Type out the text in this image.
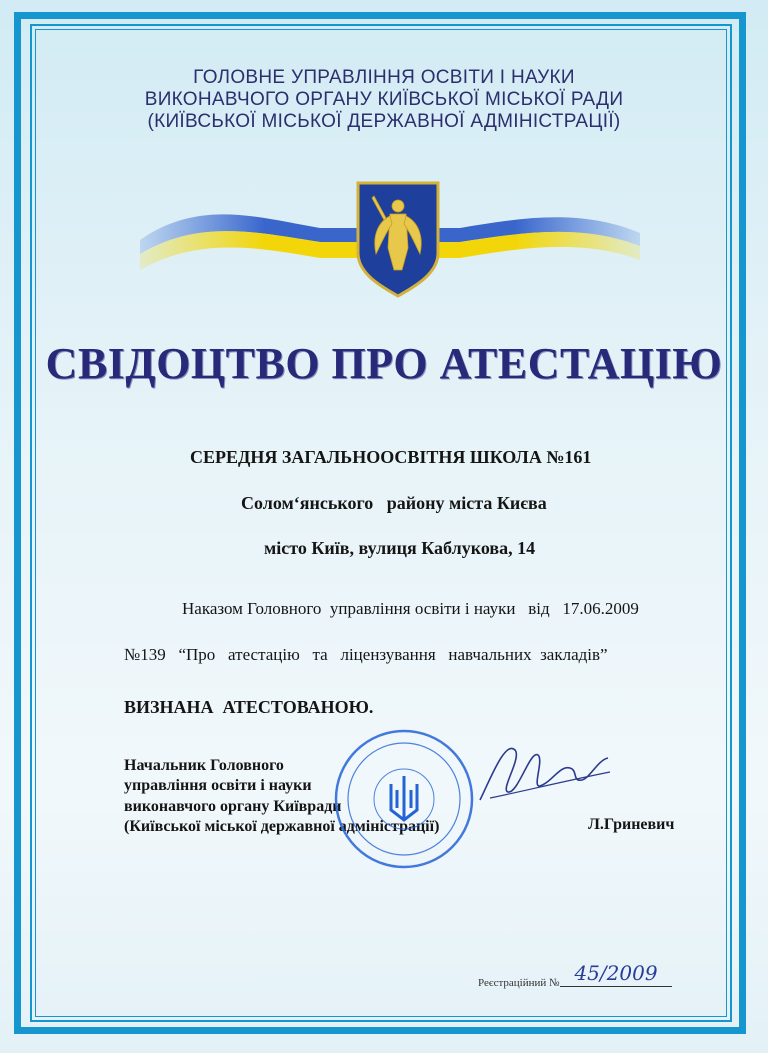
ГОЛОВНЕ УПРАВЛІННЯ ОСВІТИ І НАУКИ
ВИКОНАВЧОГО ОРГАНУ КИЇВСЬКОЇ МІСЬКОЇ РАДИ
(КИЇВСЬКОЇ МІСЬКОЇ ДЕРЖАВНОЇ АДМІНІСТРАЦІЇ)
СВІДОЦТВО ПРО АТЕСТАЦІЮ
СЕРЕДНЯ ЗАГАЛЬНООСВІТНЯ ШКОЛА №161
Солом‘янського   району міста Києва
місто Київ, вулиця Каблукова, 14
Наказом Головного  управління освіти і науки   від   17.06.2009
№139   “Про   атестацію   та   ліцензування   навчальних  закладів”
ВИЗНАНА  АТЕСТОВАНОЮ.
Начальник Головного
управління освіти і науки
виконавчого органу Київради
(Київської міської державної адміністрації)	Л.Гриневич
Реєстраційний № 45/2009
